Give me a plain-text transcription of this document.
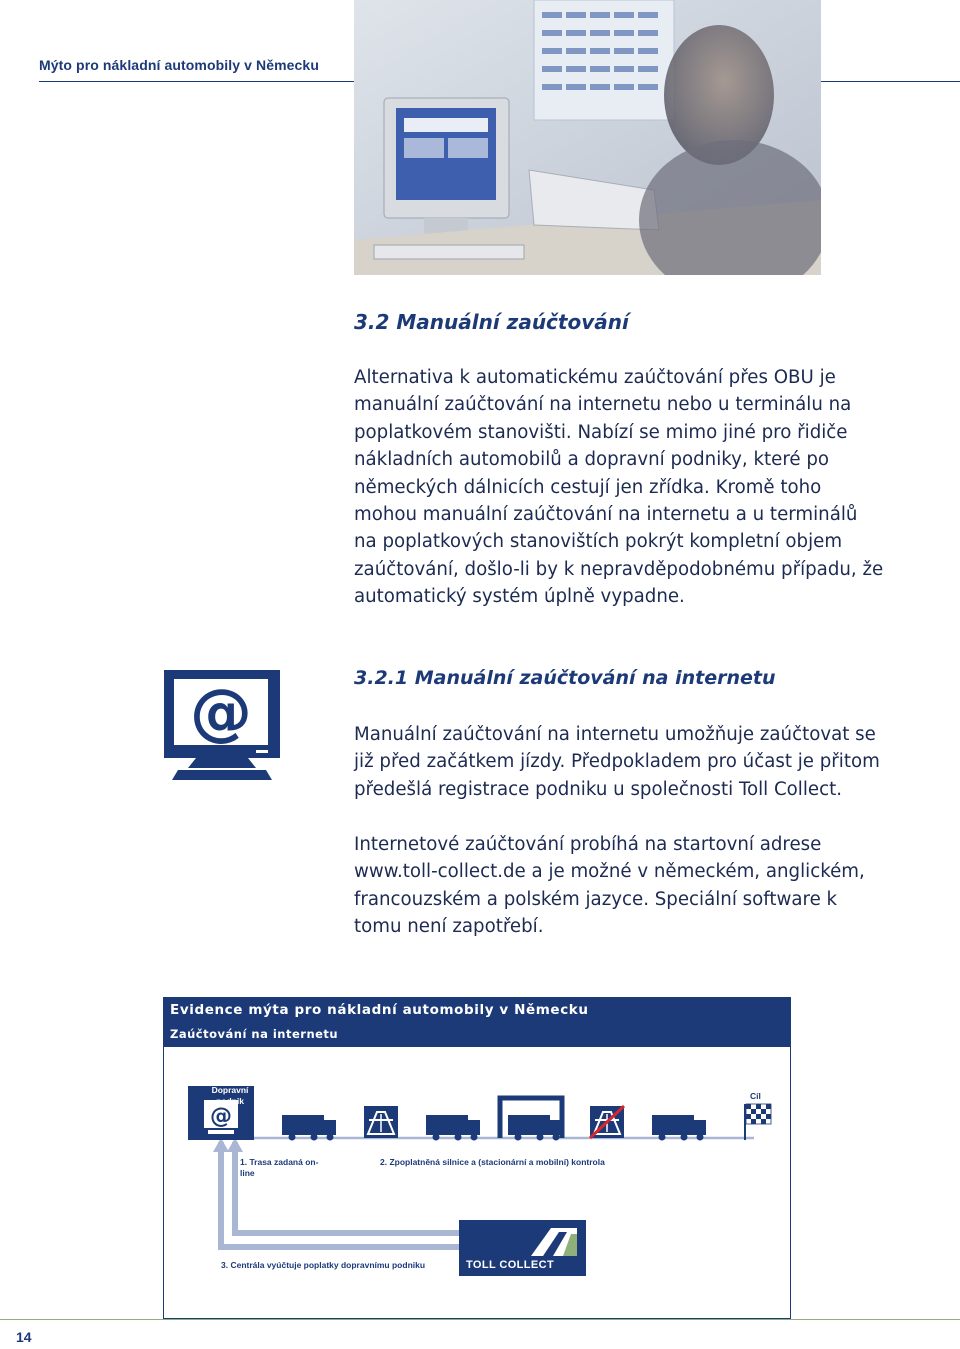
Mýto pro nákladní automobily v Německu
3.2 Manuální zaúčtování

Alternativa k automatickému zaúčtování přes OBU je manuální zaúčtování na internetu nebo u terminálu na poplatkovém stanovišti. Nabízí se mimo jiné pro řidiče nákladních automobilů a dopravní podniky, které po německých dálnicích cestují jen zřídka. Kromě toho mohou manuální zaúčtování na internetu a u terminálů na poplatkových stanovištích pokrýt kompletní objem zaúčtování, došlo-li by k nepravděpodobnému případu, že automatický systém úplně vypadne.

@	3.2.1 Manuální zaúčtování na internetu

Manuální zaúčtování na internetu umožňuje zaúčtovat se již před začátkem jízdy. Předpokladem pro účast je přitom předešlá registrace podniku u společnosti Toll Collect.

Internetové zaúčtování probíhá na startovní adrese www.toll-collect.de a je možné v německém, anglickém, francouzském a polském jazyce. Speciální software k tomu není zapotřebí.

Evidence mýta pro nákladní automobily v Německu
Zaúčtování na internetu
@
Dopravní podnik	Cíl
1. Trasa zadaná on-line
2. Zpoplatněná silnice a (stacionární a mobilní) kontrola
3. Centrála vyúčtuje poplatky dopravnímu podniku	TOLL COLLECT
14
